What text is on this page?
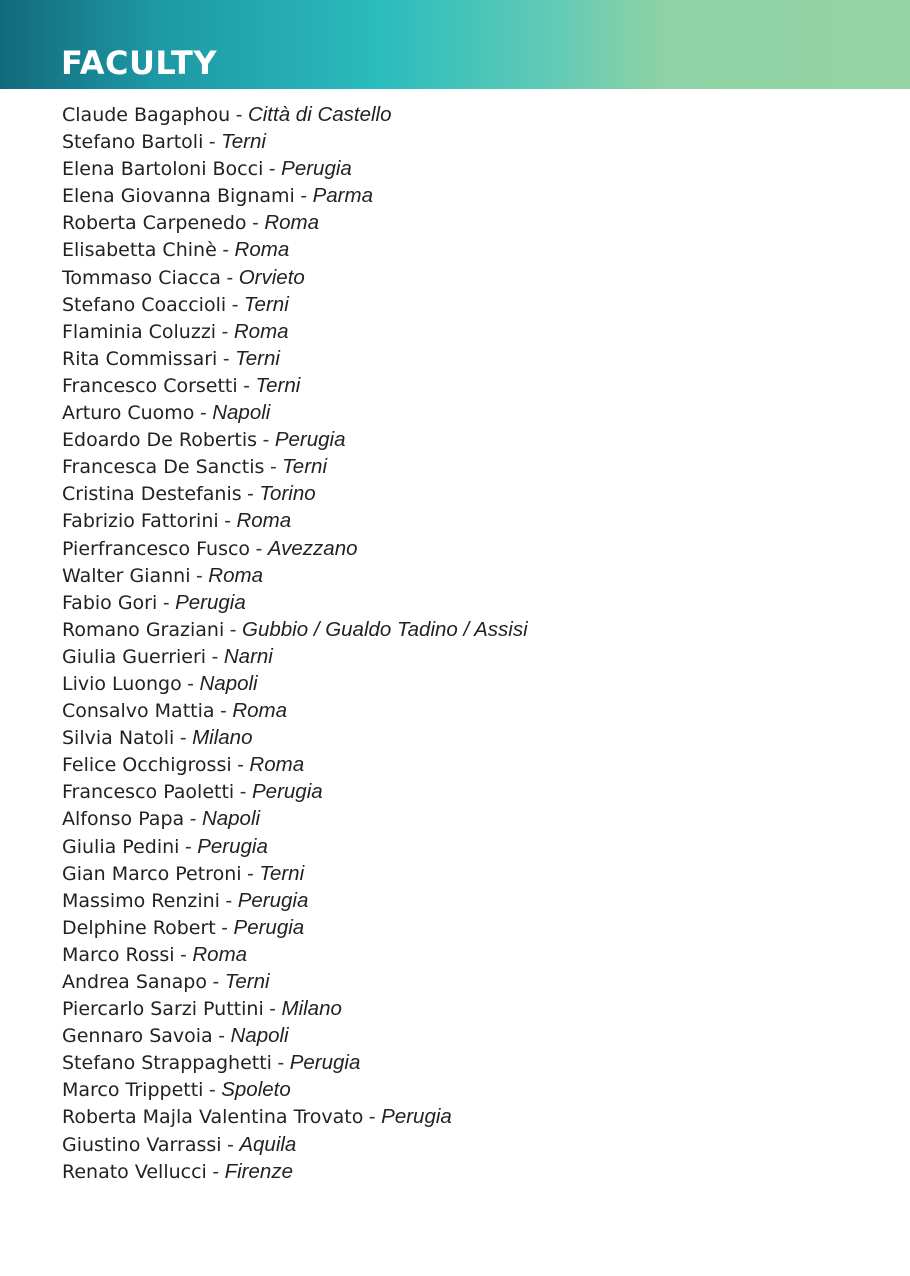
FACULTY
Claude Bagaphou - Città di Castello
Stefano Bartoli - Terni
Elena Bartoloni Bocci - Perugia
Elena Giovanna Bignami - Parma
Roberta Carpenedo - Roma
Elisabetta Chinè - Roma
Tommaso Ciacca - Orvieto
Stefano Coaccioli - Terni
Flaminia Coluzzi - Roma
Rita Commissari - Terni
Francesco Corsetti - Terni
Arturo Cuomo - Napoli
Edoardo De Robertis - Perugia
Francesca De Sanctis - Terni
Cristina Destefanis - Torino
Fabrizio Fattorini - Roma
Pierfrancesco Fusco - Avezzano
Walter Gianni - Roma
Fabio Gori - Perugia
Romano Graziani - Gubbio / Gualdo Tadino / Assisi
Giulia Guerrieri - Narni
Livio Luongo - Napoli
Consalvo Mattia - Roma
Silvia Natoli - Milano
Felice Occhigrossi - Roma
Francesco Paoletti - Perugia
Alfonso Papa - Napoli
Giulia Pedini - Perugia
Gian Marco Petroni - Terni
Massimo Renzini - Perugia
Delphine Robert - Perugia
Marco Rossi - Roma
Andrea Sanapo - Terni
Piercarlo Sarzi Puttini - Milano
Gennaro Savoia - Napoli
Stefano Strappaghetti - Perugia
Marco Trippetti - Spoleto
Roberta Majla Valentina Trovato - Perugia
Giustino Varrassi - Aquila
Renato Vellucci - Firenze
